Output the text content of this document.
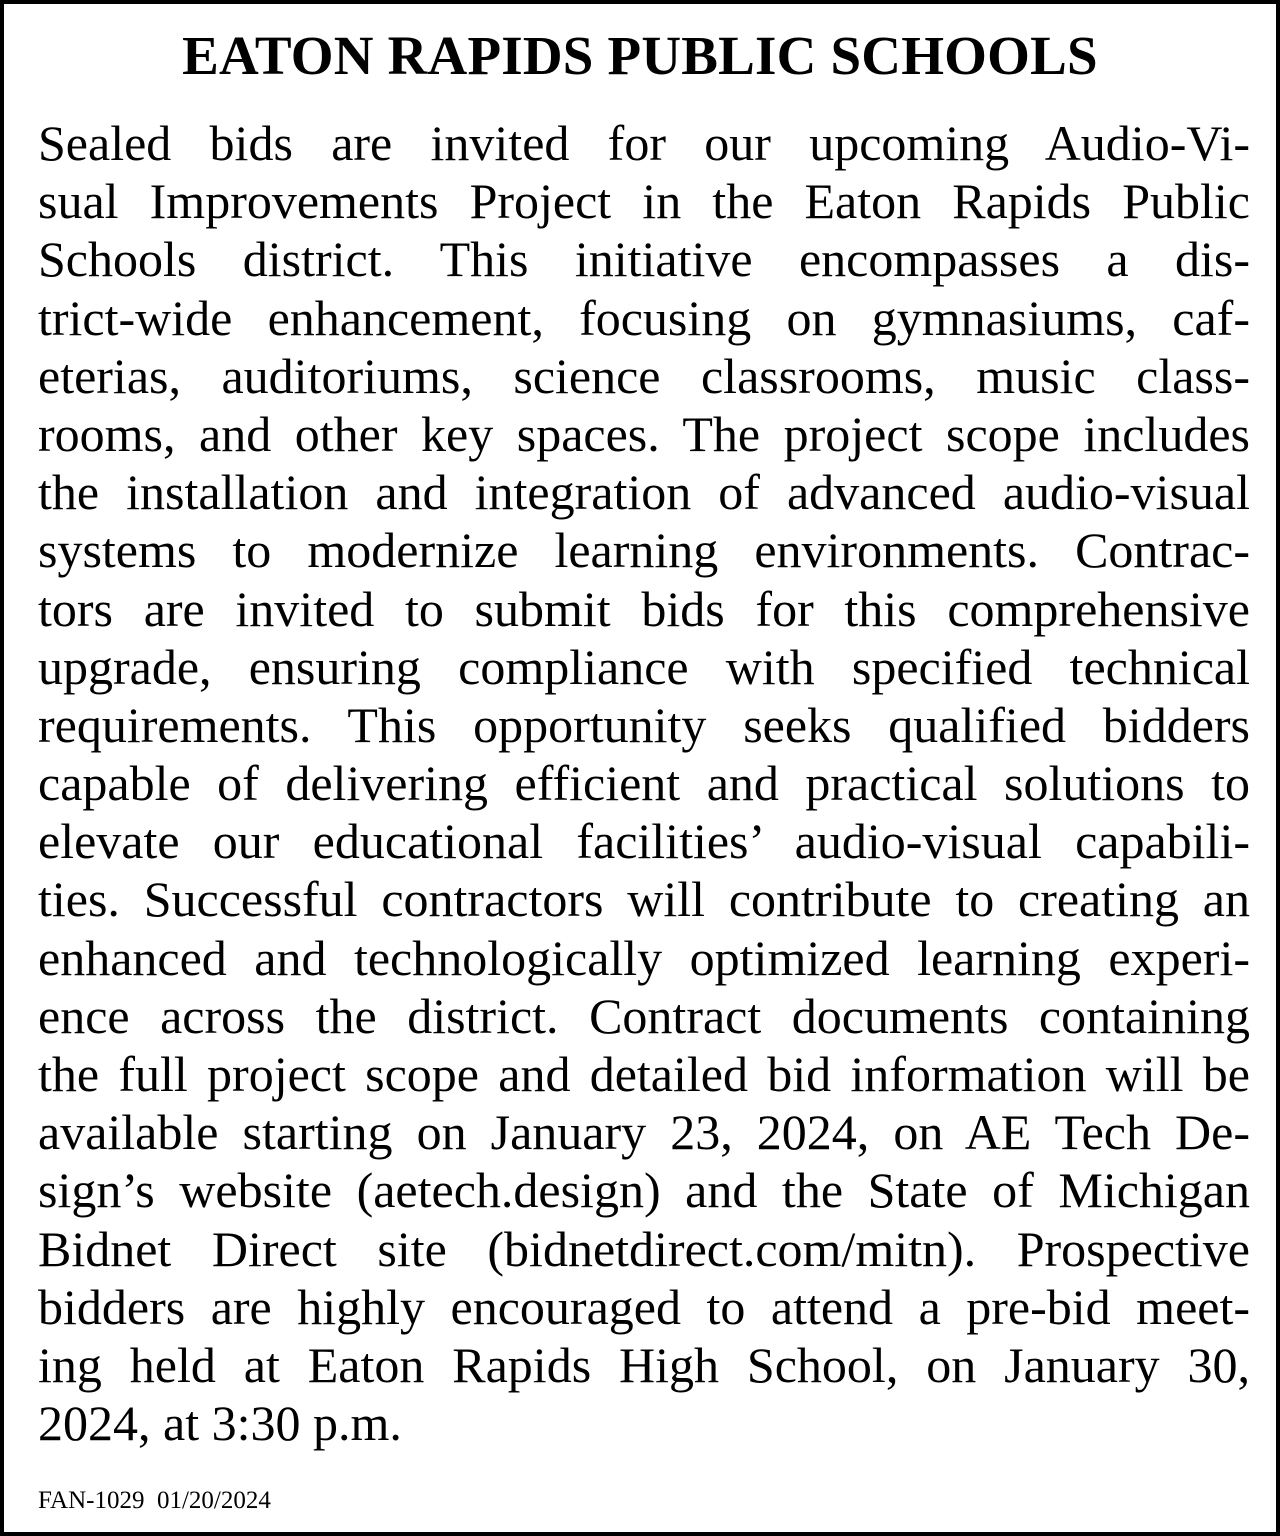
EATON RAPIDS PUBLIC SCHOOLS
Sealed bids are invited for our upcoming Audio-Vi-
sual Improvements Project in the Eaton Rapids Public
Schools district. This initiative encompasses a dis-
trict-wide enhancement, focusing on gymnasiums, caf-
eterias, auditoriums, science classrooms, music class-
rooms, and other key spaces. The project scope includes
the installation and integration of advanced audio-visual
systems to modernize learning environments. Contrac-
tors are invited to submit bids for this comprehensive
upgrade, ensuring compliance with specified technical
requirements. This opportunity seeks qualified bidders
capable of delivering efficient and practical solutions to
elevate our educational facilities’ audio-visual capabili-
ties. Successful contractors will contribute to creating an
enhanced and technologically optimized learning experi-
ence across the district. Contract documents containing
the full project scope and detailed bid information will be
available starting on January 23, 2024, on AE Tech De-
sign’s website (aetech.design) and the State of Michigan
Bidnet Direct site (bidnetdirect.com/mitn). Prospective
bidders are highly encouraged to attend a pre-bid meet-
ing held at Eaton Rapids High School, on January 30,
2024, at 3:30 p.m.
FAN-1029  01/20/2024
